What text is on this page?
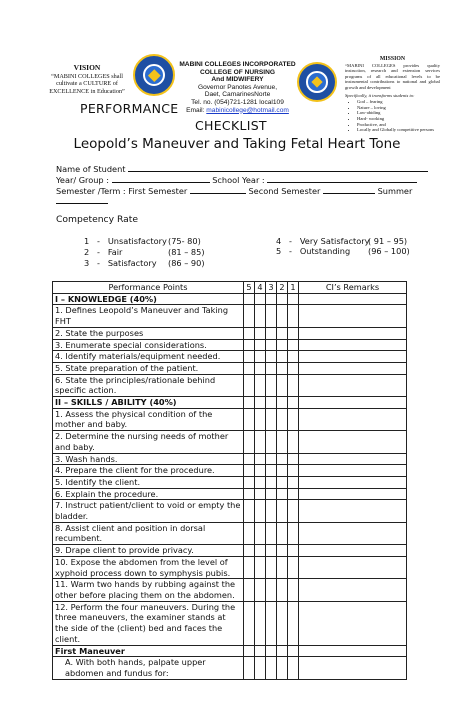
VISION
“MABINI COLLEGES shall
cultivate a CULTURE of
EXCELLENCE in Education”
MABINI COLLEGES INCORPORATED
COLLEGE OF NURSING
And MIDWIFERY
Governor Panotes Avenue,
Daet, CamarinesNorte
Tel. no. (054)721-1281 local109
Email: mabinicollege@hotmail.com
MISSION
“MABINI COLLEGES provides quality instruction, research and extension services programs of all educational levels to be instrumental contributions to national and global growth and development
Specifically, it transforms students to:
• God – fearing
• Nature – loving
• Law-abiding
• Hard- working
• Productive, and
• Locally and Globally competitive persons
PERFORMANCE
CHECKLIST
Leopold’s Maneuver and Taking Fetal Heart Tone
Name of Student
Year/ Group :	School Year :
Semester /Term : First Semester	Second Semester	Summer
Competency Rate
1 - Unsatisfactory (75- 80)
2 - Fair	(81 – 85)
3 - Satisfactory (86 – 90)
4 - Very Satisfactory
( 91 – 95)
5 - Outstanding (96 – 100)
Performance Points	5	4	3	2	1	CI’s Remarks
I – KNOWLEDGE (40%)						
1. Defines Leopold’s Maneuver and Taking FHT						
2. State the purposes						
3. Enumerate special considerations.						
4. Identify materials/equipment needed.						
5. State preparation of the patient.						
6. State the principles/rationale behind specific action.						
II – SKILLS / ABILITY (40%)						
1. Assess the physical condition of the mother and baby.						
2. Determine the nursing needs of mother and baby.						
3. Wash hands.						
4. Prepare the client for the procedure.						
5. Identify the client.						
6. Explain the procedure.						
7. Instruct patient/client to void or empty the bladder.						
8. Assist client and position in dorsal recumbent.						
9. Drape client to provide privacy.						
10. Expose the abdomen from the level of xyphoid process down to symphysis pubis.						
11. Warm two hands by rubbing against the other before placing them on the abdomen.						
12. Perform the four maneuvers. During the three maneuvers, the examiner stands at the side of the (client) bed and faces the client.						
First Maneuver						
A. With both hands, palpate upper abdomen and fundus for:						
